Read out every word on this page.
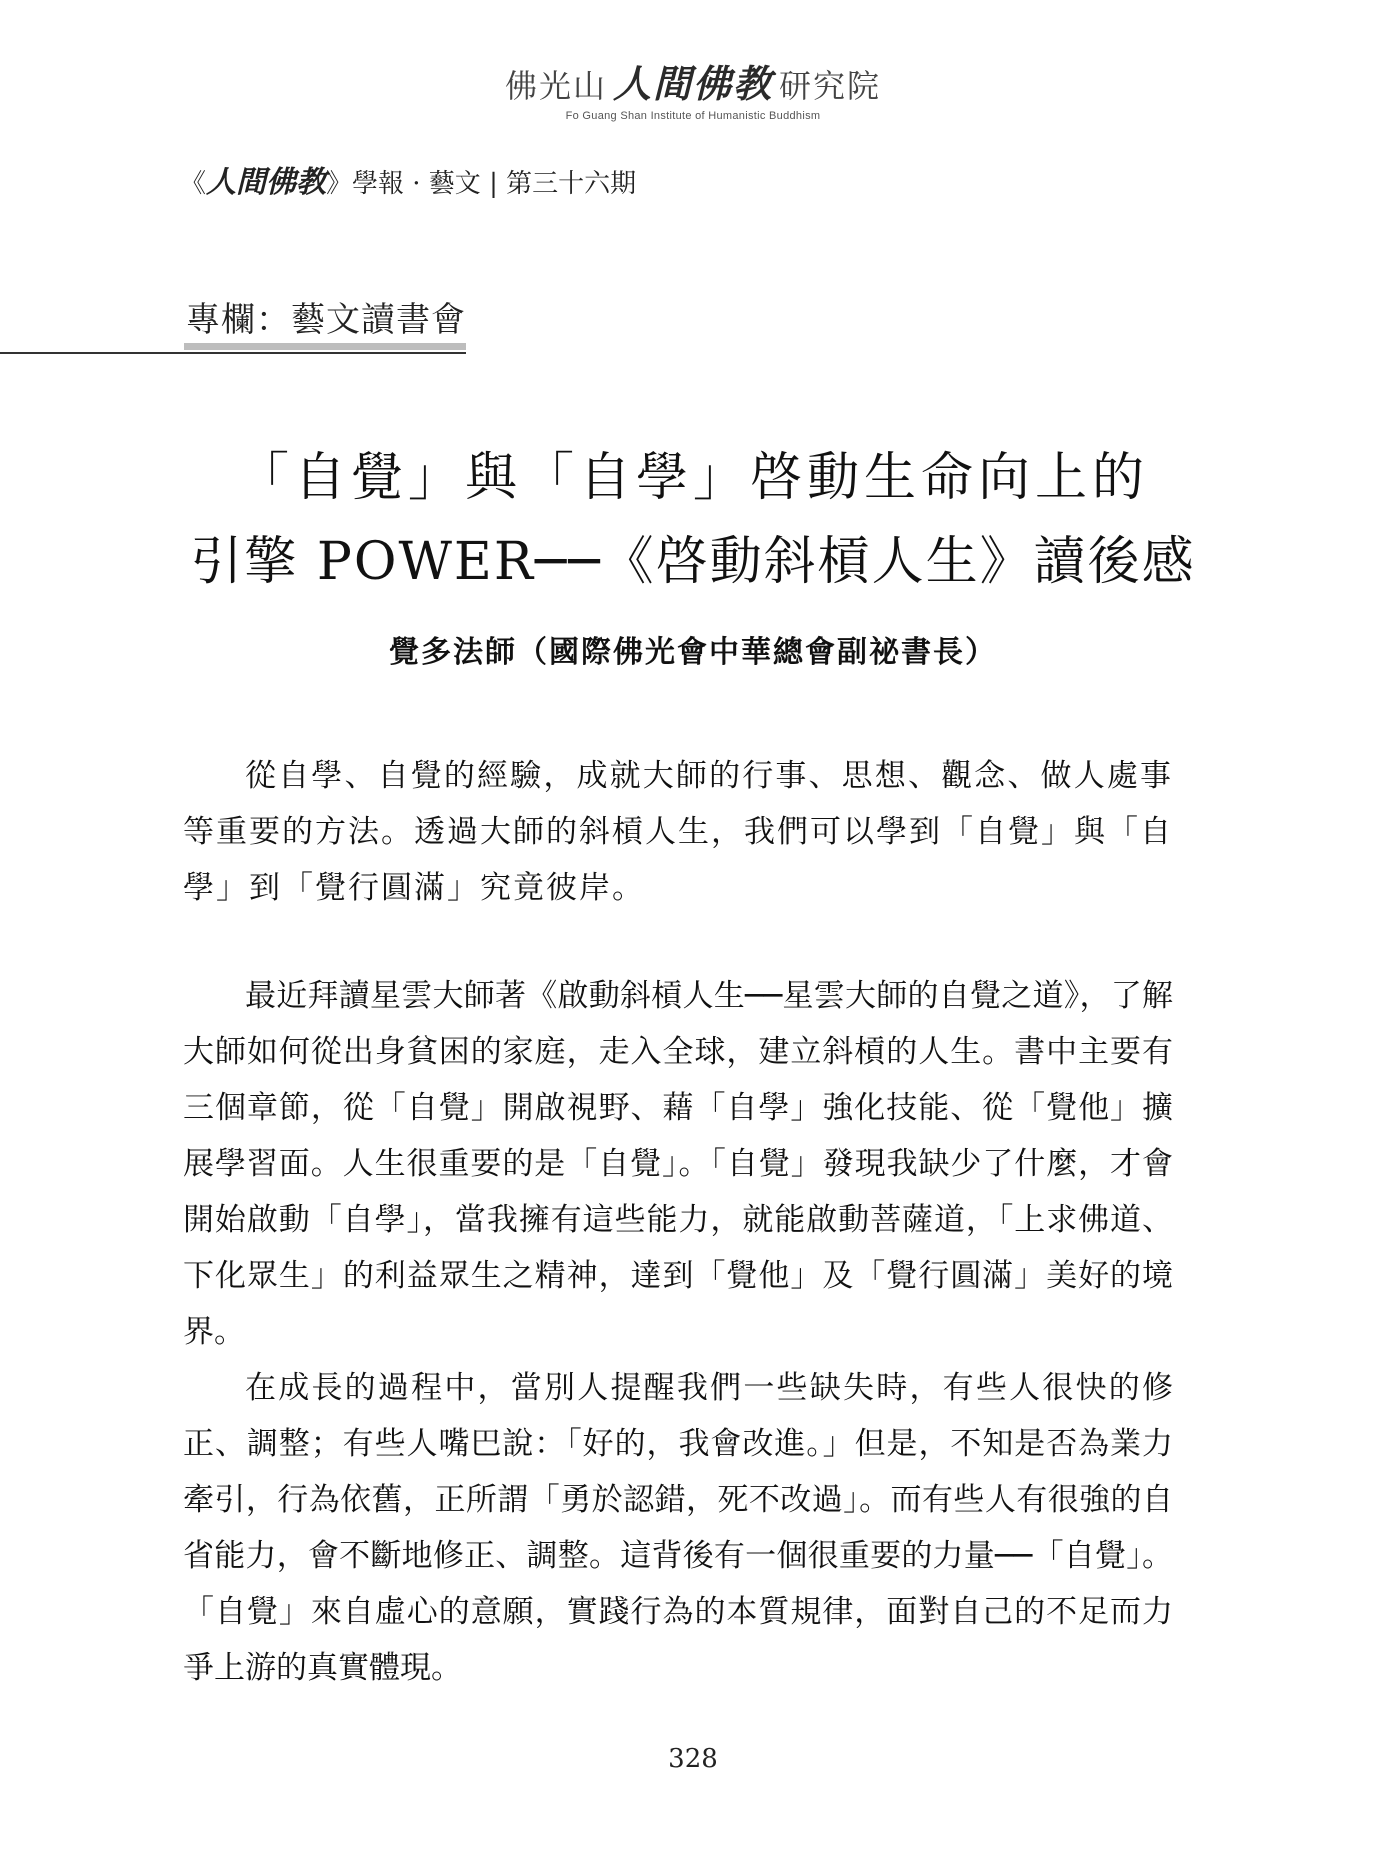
佛光山 人間佛教 研究院
Fo Guang Shan Institute of Humanistic Buddhism
《人間佛教》學報 · 藝文 | 第三十六期
專欄：藝文讀書會
「自覺」與「自學」啓動生命向上的
引擎 POWER──《啓動斜槓人生》讀後感
覺多法師（國際佛光會中華總會副祕書長）

從自學、自覺的經驗，成就大師的行事、思想、觀念、做人處事等重要的方法。透過大師的斜槓人生，我們可以學到「自覺」與「自學」到「覺行圓滿」究竟彼岸。

最近拜讀星雲大師著《啟動斜槓人生──星雲大師的自覺之道》，了解大師如何從出身貧困的家庭，走入全球，建立斜槓的人生。書中主要有三個章節，從「自覺」開啟視野、藉「自學」強化技能、從「覺他」擴展學習面。人生很重要的是「自覺」。「自覺」發現我缺少了什麼，才會開始啟動「自學」，當我擁有這些能力，就能啟動菩薩道，「上求佛道、下化眾生」的利益眾生之精神，達到「覺他」及「覺行圓滿」美好的境界。

在成長的過程中，當別人提醒我們一些缺失時，有些人很快的修正、調整；有些人嘴巴說：「好的，我會改進。」但是，不知是否為業力牽引，行為依舊，正所謂「勇於認錯，死不改過」。而有些人有很強的自省能力，會不斷地修正、調整。這背後有一個很重要的力量──「自覺」。「自覺」來自虛心的意願，實踐行為的本質規律，面對自己的不足而力爭上游的真實體現。

328
